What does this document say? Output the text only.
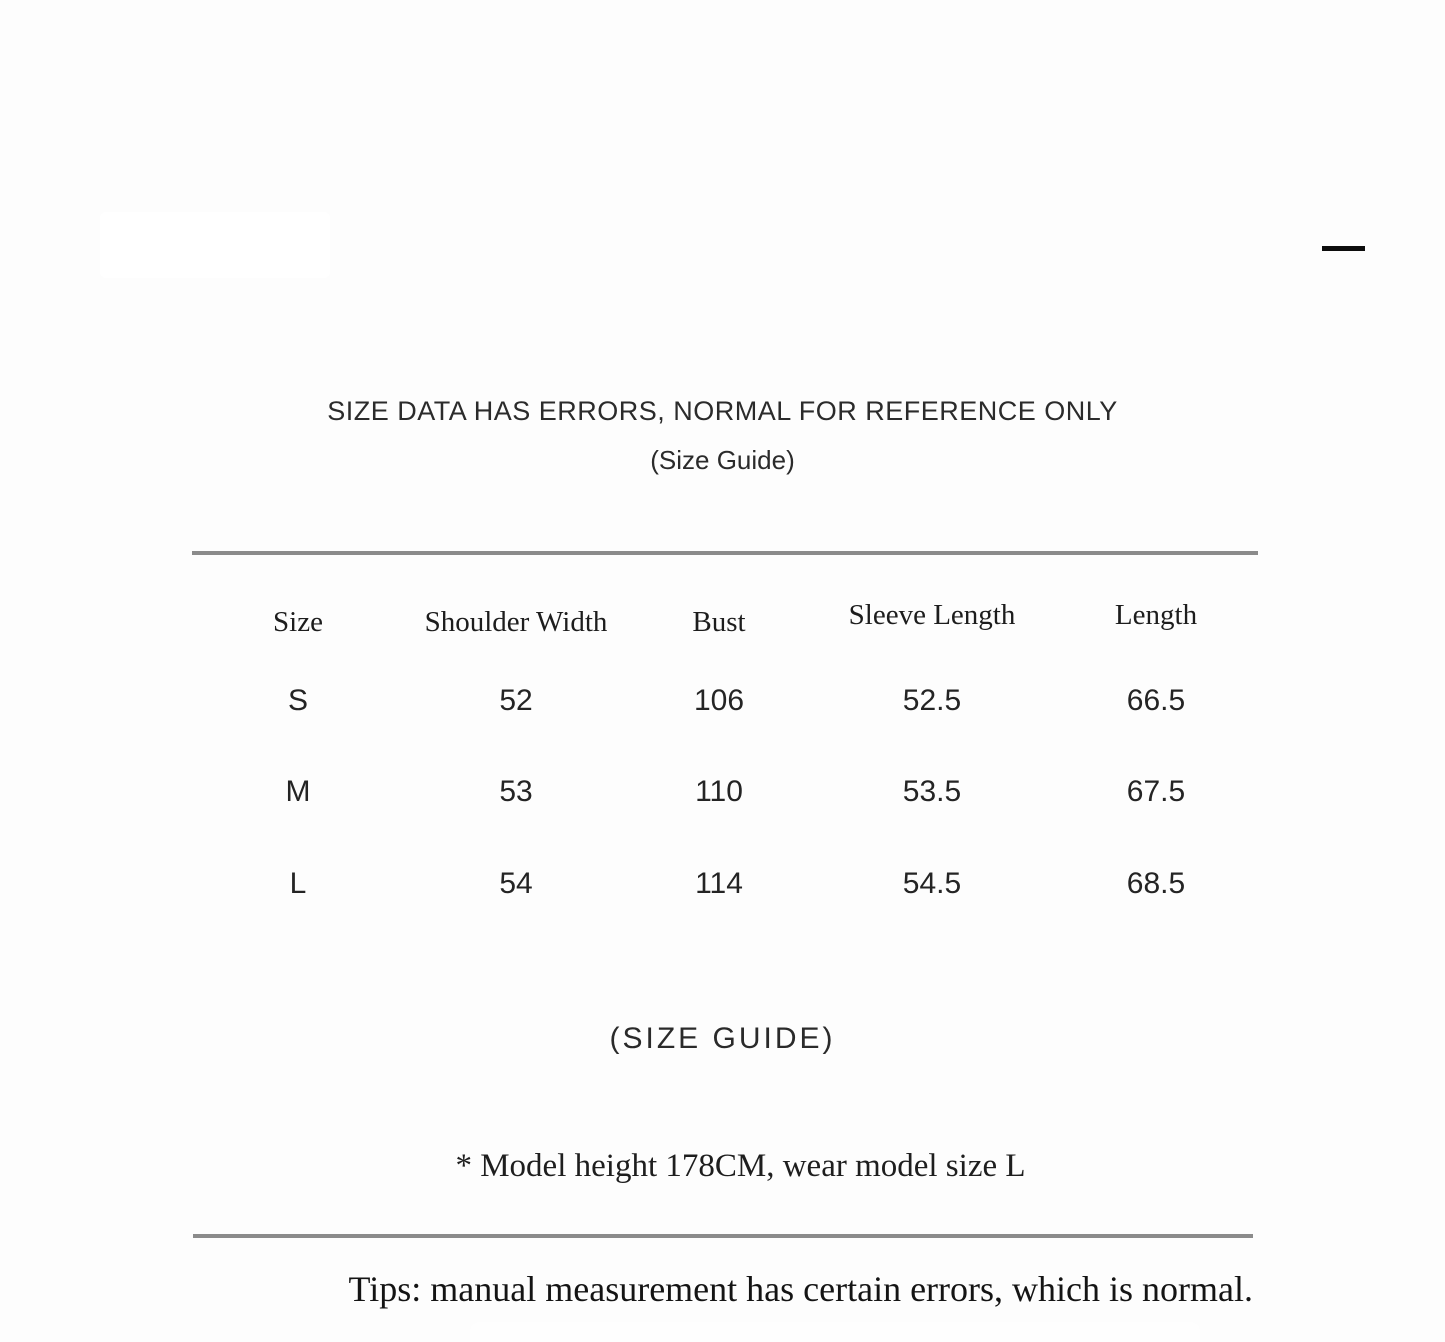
SIZE DATA HAS ERRORS, NORMAL FOR REFERENCE ONLY
(Size Guide)
Size	Shoulder Width	Bust	Sleeve Length	Length
S	52	106	52.5	66.5
M	53	110	53.5	67.5
L	54	114	54.5	68.5
(SIZE GUIDE)
* Model height 178CM, wear model size L
Tips: manual measurement has certain errors, which is normal.
